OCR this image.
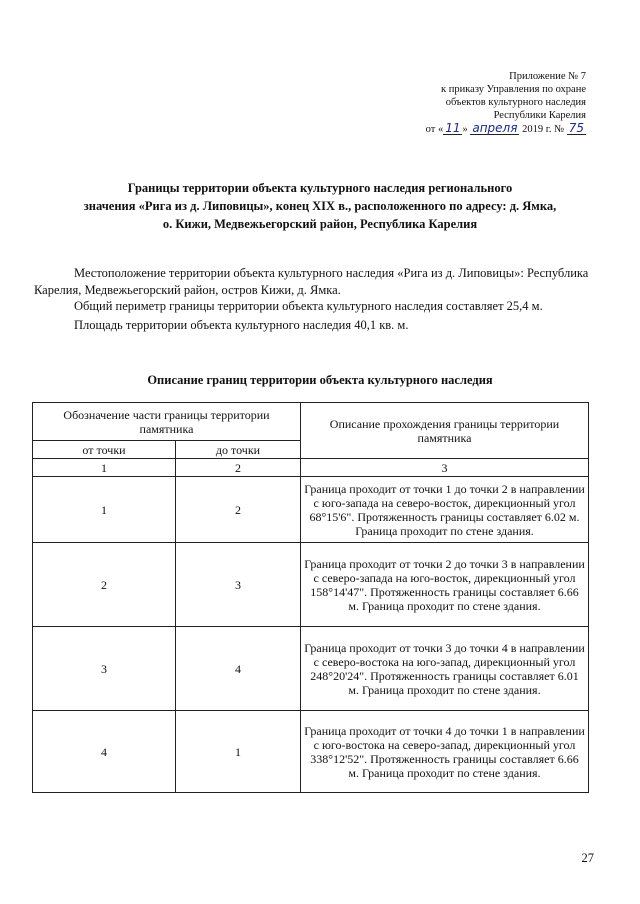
Приложение № 7
к приказу Управления по охране
объектов культурного наследия
Республики Карелия
от « 11 » апреля 2019 г. № 75
Границы территории объекта культурного наследия регионального
значения «Рига из д. Липовицы», конец XIX в., расположенного по адресу: д. Ямка,
о. Кижи, Медвежьегорский район, Республика Карелия

Местоположение территории объекта культурного наследия «Рига из д. Липовицы»: Республика Карелия, Медвежьегорский район, остров Кижи, д. Ямка.

Общий периметр границы территории объекта культурного наследия составляет 25,4 м.

Площадь территории объекта культурного наследия 40,1 кв. м.

Описание границ территории объекта культурного наследия
Обозначение части границы территории памятника		Описание прохождения границы территории памятника
от точки	до точки	
1	2	3
1	2	Граница проходит от точки 1 до точки 2 в направлении с юго-запада на северо-восток, дирекционный угол 68°15'6". Протяженность границы составляет 6.02 м. Граница проходит по стене здания.
2	3	Граница проходит от точки 2 до точки 3 в направлении с северо-запада на юго-восток, дирекционный угол 158°14'47". Протяженность границы составляет 6.66 м. Граница проходит по стене здания.
3	4	Граница проходит от точки 3 до точки 4 в направлении с северо-востока на юго-запад, дирекционный угол 248°20'24". Протяженность границы составляет 6.01 м. Граница проходит по стене здания.
4	1	Граница проходит от точки 4 до точки 1 в направлении с юго-востока на северо-запад, дирекционный угол 338°12'52". Протяженность границы составляет 6.66 м. Граница проходит по стене здания.
27
